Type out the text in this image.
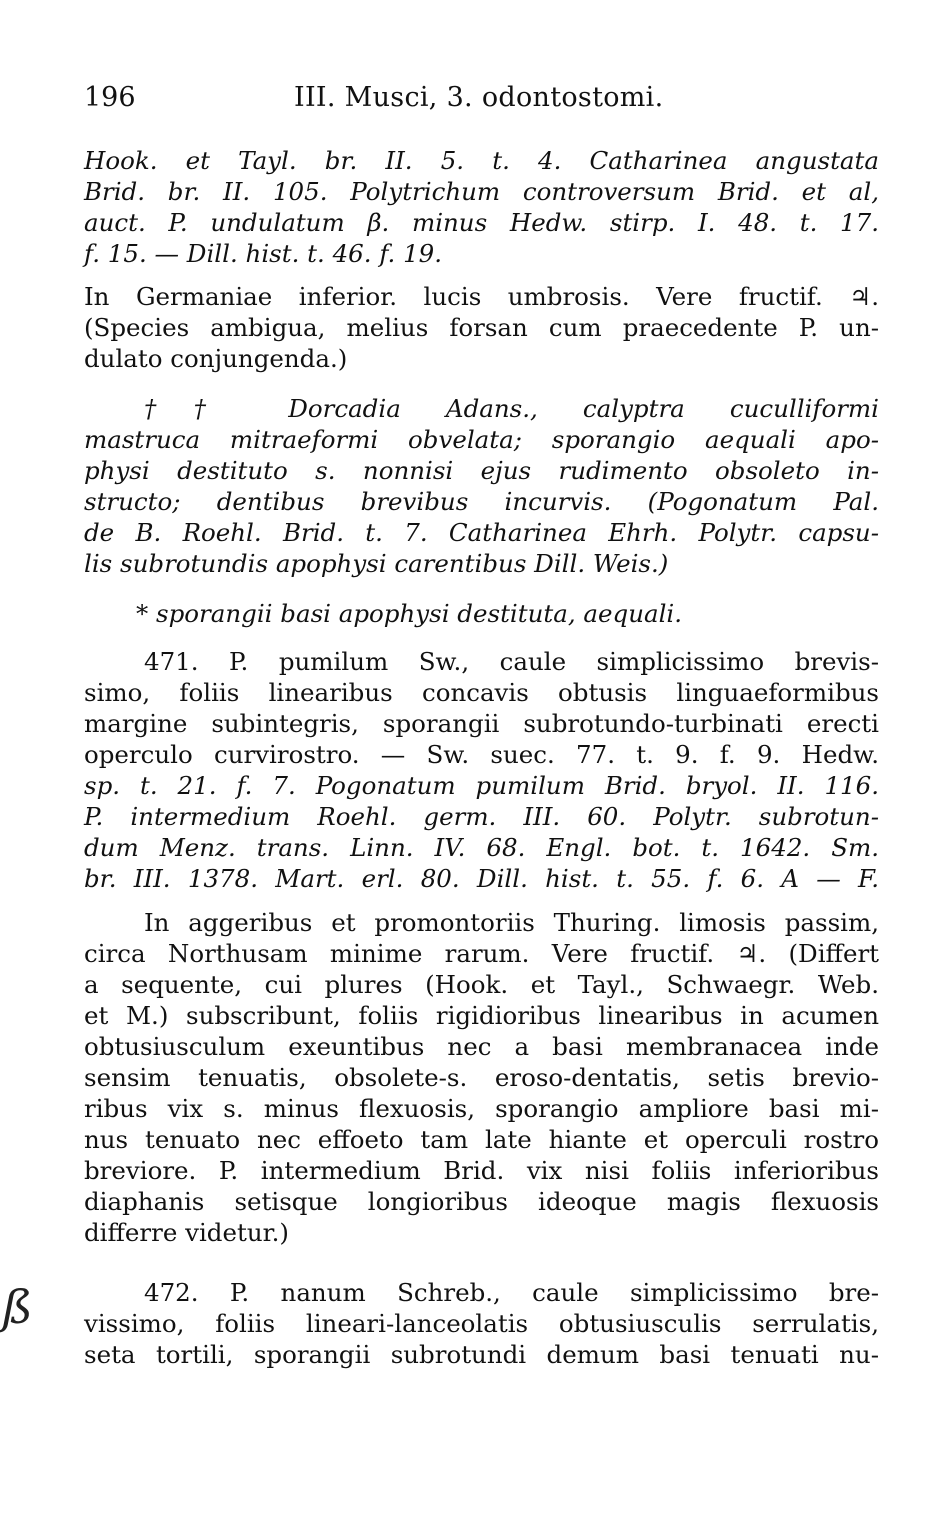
196	III. Musci, 3. odontostomi.
ß
Hook. et Tayl. br. II. 5. t. 4. Catharinea angustata
Brid. br. II. 105. Polytrichum controversum Brid. et al,
auct. P. undulatum β. minus Hedw. stirp. I. 48. t. 17.
f. 15. — Dill. hist. t. 46. f. 19.
In Germaniae inferior. lucis umbrosis. Vere fructif. ♃.
(Species ambigua, melius forsan cum praecedente P. un-
dulato conjungenda.)
†† Dorcadia Adans., calyptra cuculliformi
mastruca mitraeformi obvelata; sporangio aequali apo-
physi destituto s. nonnisi ejus rudimento obsoleto in-
structo; dentibus brevibus incurvis. (Pogonatum Pal.
de B. Roehl. Brid. t. 7. Catharinea Ehrh. Polytr. capsu-
lis subrotundis apophysi carentibus Dill. Weis.)
* sporangii basi apophysi destituta, aequali.
471. P. pumilum Sw., caule simplicissimo brevis-
simo, foliis linearibus concavis obtusis linguaeformibus
margine subintegris, sporangii subrotundo-turbinati erecti
operculo curvirostro. — Sw. suec. 77. t. 9. f. 9. Hedw.
sp. t. 21. f. 7. Pogonatum pumilum Brid. bryol. II. 116.
P. intermedium Roehl. germ. III. 60. Polytr. subrotun-
dum Menz. trans. Linn. IV. 68. Engl. bot. t. 1642. Sm.
br. III. 1378. Mart. erl. 80. Dill. hist. t. 55. f. 6. A — F.
In aggeribus et promontoriis Thuring. limosis passim,
circa Northusam minime rarum. Vere fructif. ♃. (Differt
a sequente, cui plures (Hook. et Tayl., Schwaegr. Web.
et M.) subscribunt, foliis rigidioribus linearibus in acumen
obtusiusculum exeuntibus nec a basi membranacea inde
sensim tenuatis, obsolete-s. eroso-dentatis, setis brevio-
ribus vix s. minus flexuosis, sporangio ampliore basi mi-
nus tenuato nec effoeto tam late hiante et operculi rostro
breviore. P. intermedium Brid. vix nisi foliis inferioribus
diaphanis setisque longioribus ideoque magis flexuosis
differre videtur.)
472. P. nanum Schreb., caule simplicissimo bre-
vissimo, foliis lineari-lanceolatis obtusiusculis serrulatis,
seta tortili, sporangii subrotundi demum basi tenuati nu-
